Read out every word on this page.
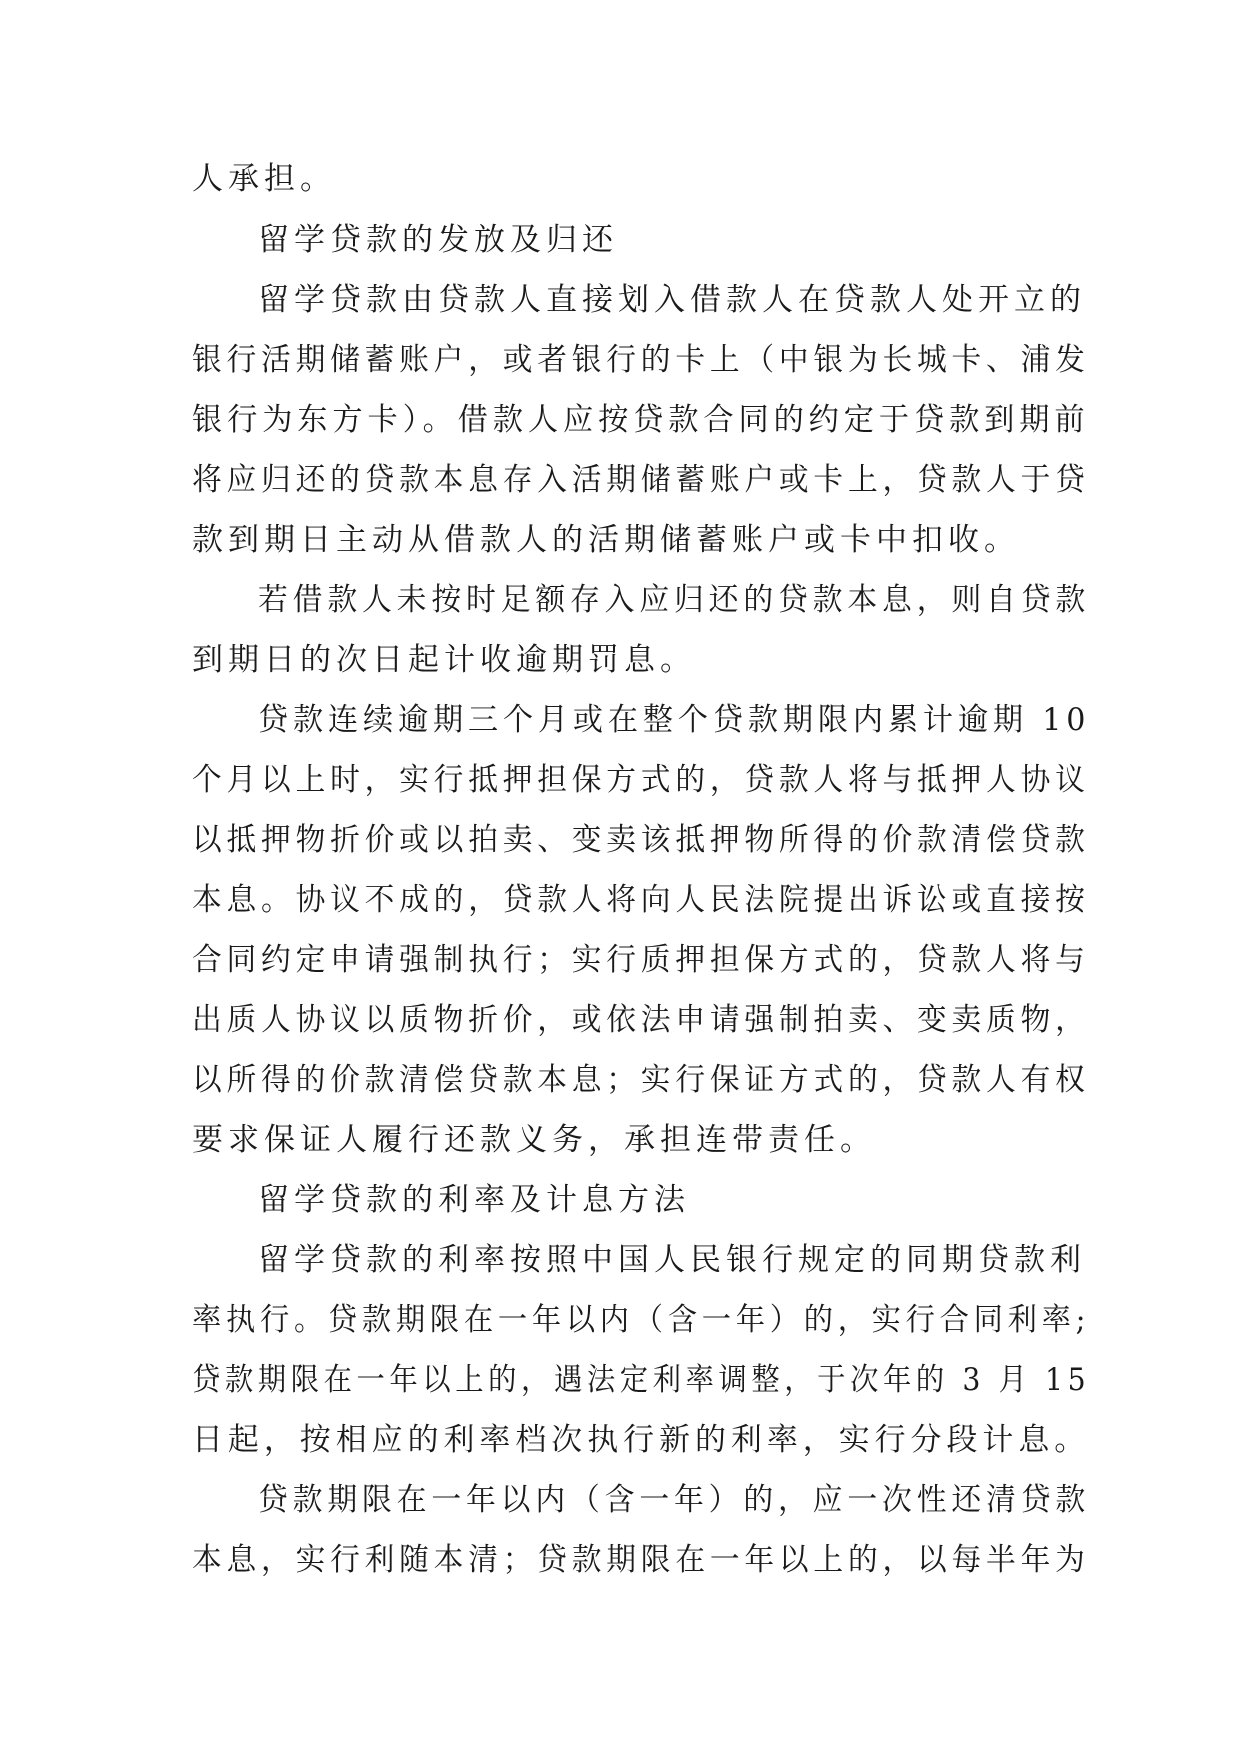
人承担。
留学贷款的发放及归还
留学贷款由贷款人直接划入借款人在贷款人处开立的
银行活期储蓄账户，或者银行的卡上（中银为长城卡、浦发
银行为东方卡）。借款人应按贷款合同的约定于贷款到期前
将应归还的贷款本息存入活期储蓄账户或卡上，贷款人于贷
款到期日主动从借款人的活期储蓄账户或卡中扣收。
若借款人未按时足额存入应归还的贷款本息，则自贷款
到期日的次日起计收逾期罚息。
贷款连续逾期三个月或在整个贷款期限内累计逾期 10
个月以上时，实行抵押担保方式的，贷款人将与抵押人协议
以抵押物折价或以拍卖、变卖该抵押物所得的价款清偿贷款
本息。协议不成的，贷款人将向人民法院提出诉讼或直接按
合同约定申请强制执行；实行质押担保方式的，贷款人将与
出质人协议以质物折价，或依法申请强制拍卖、变卖质物，
以所得的价款清偿贷款本息；实行保证方式的，贷款人有权
要求保证人履行还款义务，承担连带责任。
留学贷款的利率及计息方法
留学贷款的利率按照中国人民银行规定的同期贷款利
率执行。贷款期限在一年以内（含一年）的，实行合同利率;
贷款期限在一年以上的，遇法定利率调整，于次年的 3 月 15
日起，按相应的利率档次执行新的利率，实行分段计息。
贷款期限在一年以内（含一年）的，应一次性还清贷款
本息，实行利随本清；贷款期限在一年以上的，以每半年为
